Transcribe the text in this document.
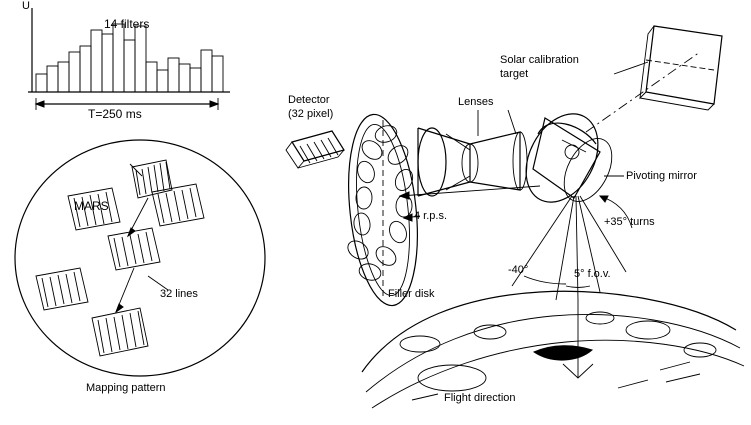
U
14 filters
T=250 ms
MARS
32 lines
Mapping pattern
Detector
(32 pixel)
Lenses
Solar calibration
target
Pivoting mirror
Filler disk
4 r.p.s.	+35° turns
5° f.o.v.
-40°
Flight direction
